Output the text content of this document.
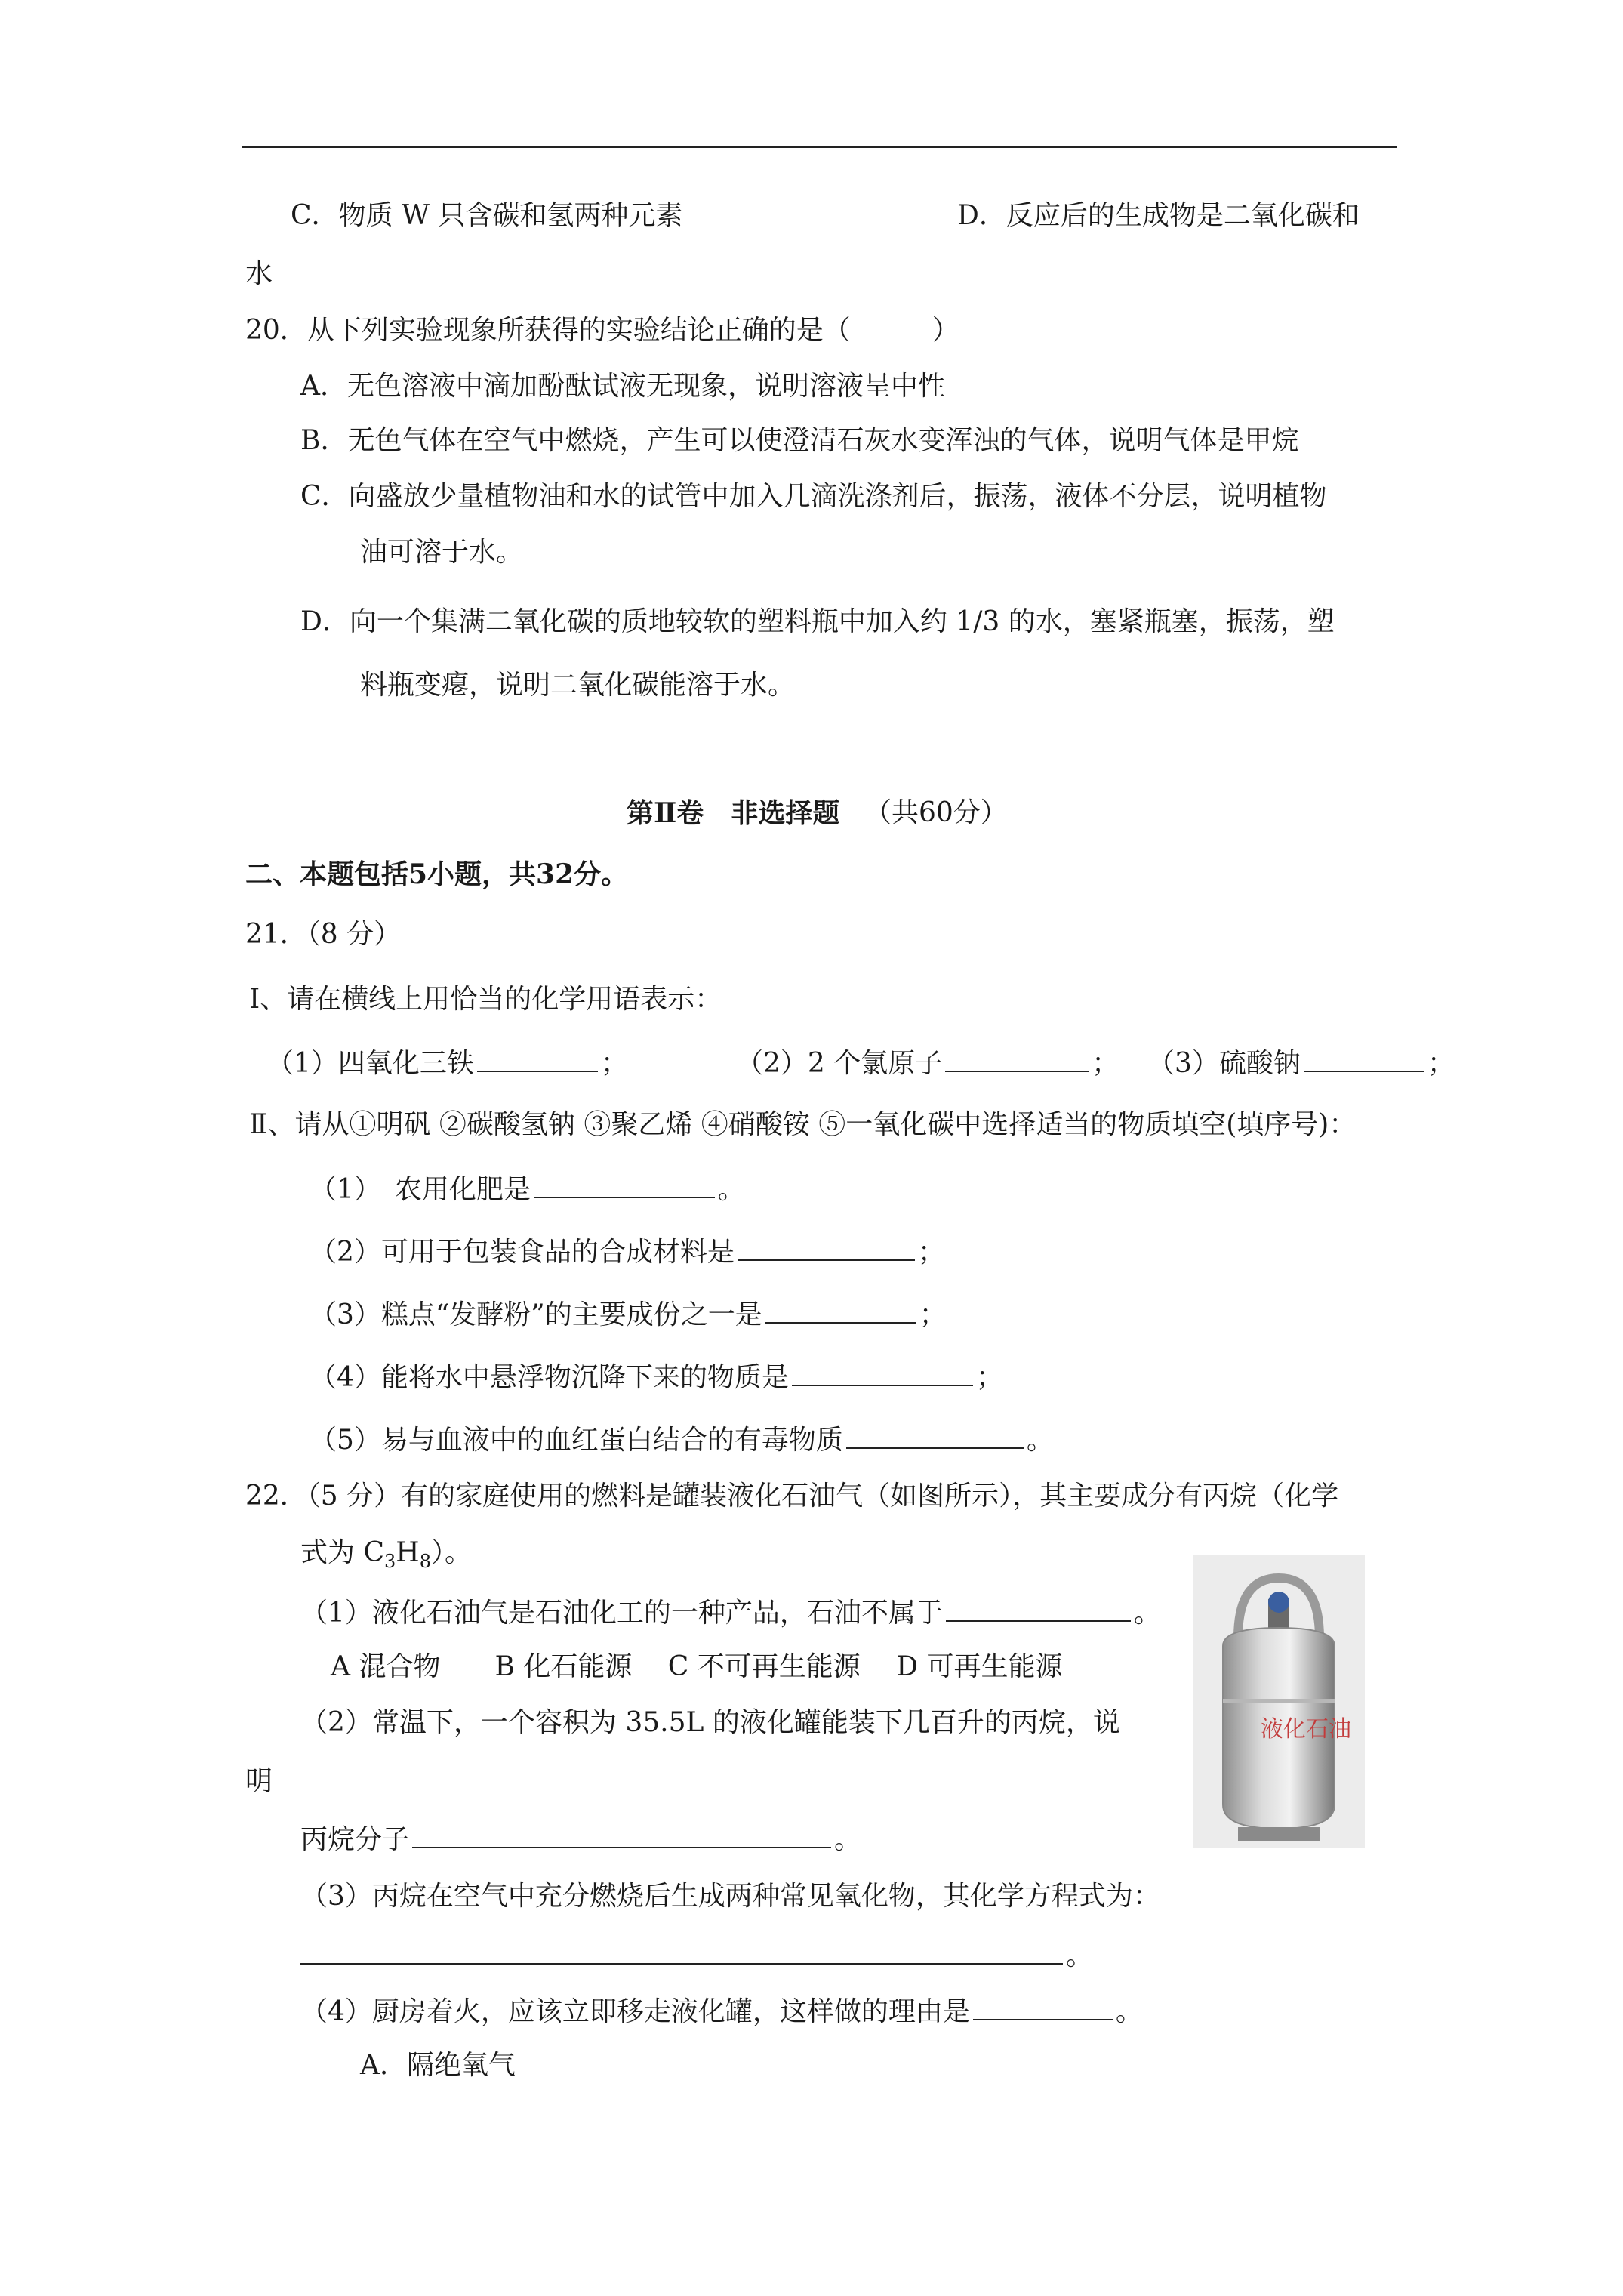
C．物质 W 只含碳和氢两种元素	D．反应后的生成物是二氧化碳和
水
20．从下列实验现象所获得的实验结论正确的是（　　　）
A．无色溶液中滴加酚酞试液无现象，说明溶液呈中性
B．无色气体在空气中燃烧，产生可以使澄清石灰水变浑浊的气体，说明气体是甲烷
C．向盛放少量植物油和水的试管中加入几滴洗涤剂后，振荡，液体不分层，说明植物
油可溶于水。
D．向一个集满二氧化碳的质地较软的塑料瓶中加入约 1/3 的水，塞紧瓶塞，振荡，塑
料瓶变瘪，说明二氧化碳能溶于水。
第Ⅱ卷　非选择题 （共60分）
二、本题包括5小题，共32分。
21．（8 分）
Ⅰ、请在横线上用恰当的化学用语表示：
（1）四氧化三铁	；	（2）2 个氯原子	； （3）硫酸钠	；
Ⅱ、请从①明矾 ②碳酸氢钠 ③聚乙烯 ④硝酸铵 ⑤一氧化碳中选择适当的物质填空(填序号)：
（1）　农用化肥是	。
（2）可用于包装食品的合成材料是	；
（3）糕点“发酵粉”的主要成份之一是	；
（4）能将水中悬浮物沉降下来的物质是	；
（5）易与血液中的血红蛋白结合的有毒物质	。
22．（5 分）有的家庭使用的燃料是罐装液化石油气（如图所示），其主要成分有丙烷（化学
式为 $C_3H_8$）。
（1）液化石油气是石油化工的一种产品，石油不属于	。
A 混合物　　B 化石能源　 C 不可再生能源　 D 可再生能源
（2）常温下，一个容积为 35.5L 的液化罐能装下几百升的丙烷，说
明
丙烷分子	。
（3）丙烷在空气中充分燃烧后生成两种常见氧化物，其化学方程式为：
。
（4）厨房着火，应该立即移走液化罐，这样做的理由是	。
A．隔绝氧气
液化石油
